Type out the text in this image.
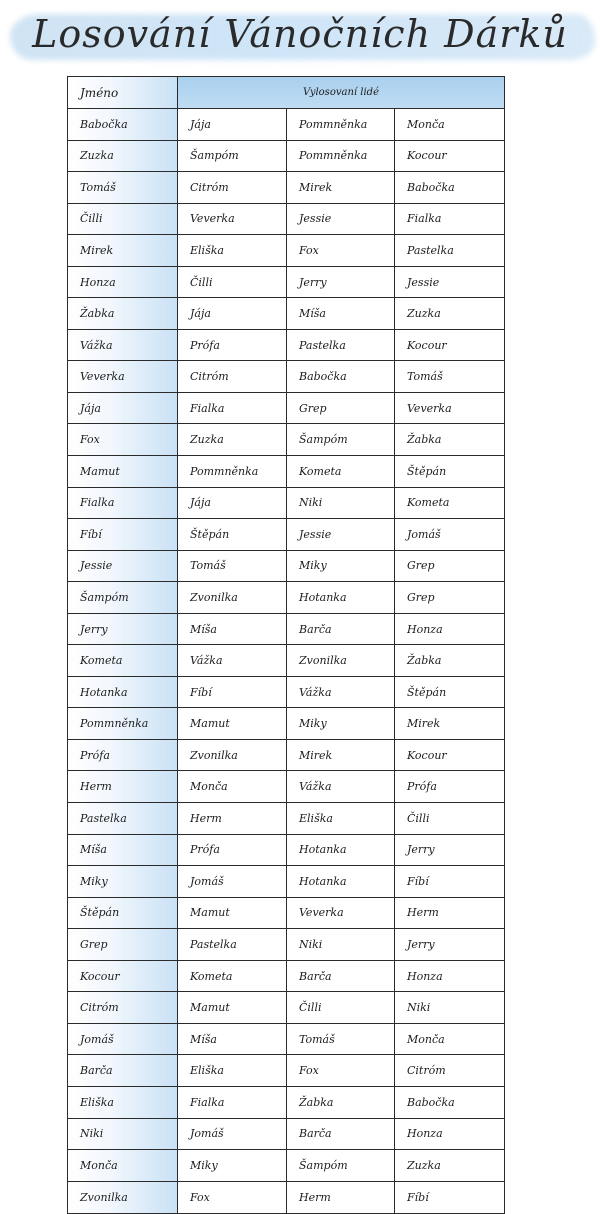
Losování Vánočních Dárků
Jméno	Vylosovaní lidé
Babočka	Jája	Pommněnka	Monča
Zuzka	Šampóm	Pommněnka	Kocour
Tomáš	Citróm	Mirek	Babočka
Čilli	Veverka	Jessie	Fialka
Mirek	Eliška	Fox	Pastelka
Honza	Čilli	Jerry	Jessie
Žabka	Jája	Míša	Zuzka
Vážka	Prófa	Pastelka	Kocour
Veverka	Citróm	Babočka	Tomáš
Jája	Fialka	Grep	Veverka
Fox	Zuzka	Šampóm	Žabka
Mamut	Pommněnka	Kometa	Štěpán
Fialka	Jája	Niki	Kometa
Fíbí	Štěpán	Jessie	Jomáš
Jessie	Tomáš	Miky	Grep
Šampóm	Zvonilka	Hotanka	Grep
Jerry	Míša	Barča	Honza
Kometa	Vážka	Zvonilka	Žabka
Hotanka	Fíbí	Vážka	Štěpán
Pommněnka	Mamut	Miky	Mirek
Prófa	Zvonilka	Mirek	Kocour
Herm	Monča	Vážka	Prófa
Pastelka	Herm	Eliška	Čilli
Míša	Prófa	Hotanka	Jerry
Miky	Jomáš	Hotanka	Fíbí
Štěpán	Mamut	Veverka	Herm
Grep	Pastelka	Niki	Jerry
Kocour	Kometa	Barča	Honza
Citróm	Mamut	Čilli	Niki
Jomáš	Míša	Tomáš	Monča
Barča	Eliška	Fox	Citróm
Eliška	Fialka	Žabka	Babočka
Niki	Jomáš	Barča	Honza
Monča	Miky	Šampóm	Zuzka
Zvonilka	Fox	Herm	Fíbí
